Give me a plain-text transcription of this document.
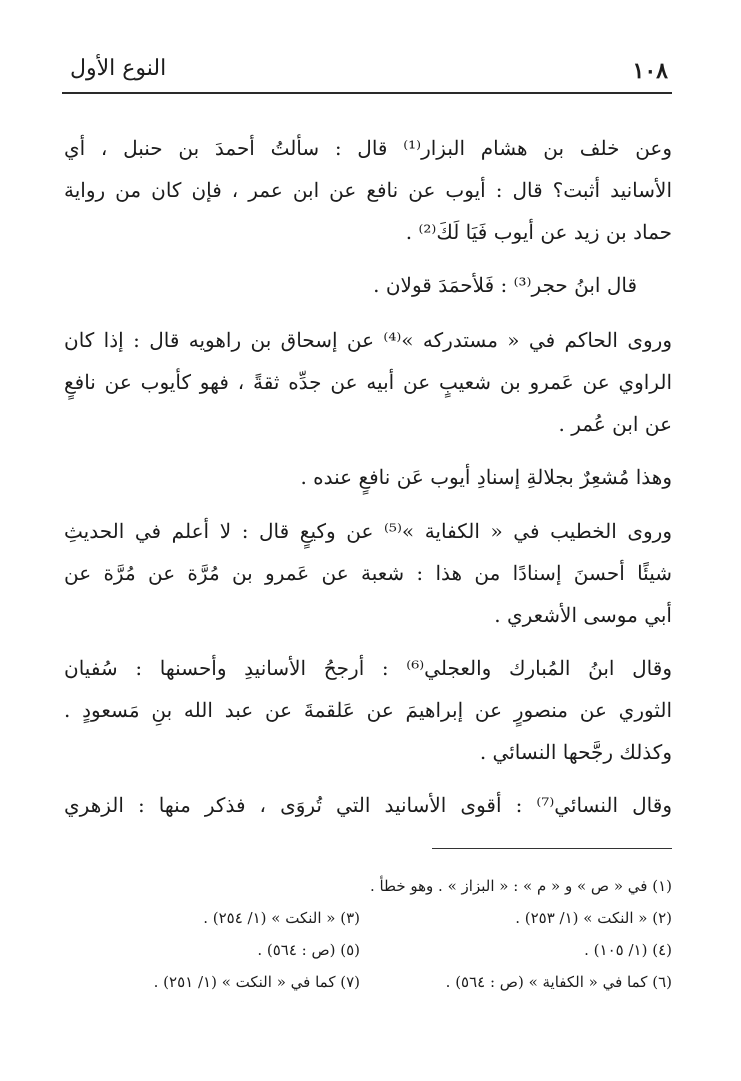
النوع الأول	١٠٨
وعن خلف بن هشام البزار⁽¹⁾ قال : سألتُ أحمدَ بن حنبل ، أي
الأسانيد أثبت؟ قال : أيوب عن نافع عن ابن عمر ، فإن كان من رواية
حماد بن زيد عن أيوب فَيَا لَكَ⁽²⁾ .
قال ابنُ حجر⁽³⁾ : فَلأحمَدَ قولان .
وروى الحاكم في « مستدركه »⁽⁴⁾ عن إسحاق بن راهويه قال : إذا كان
الراوي عن عَمرو بن شعيبٍ عن أبيه عن جدِّه ثقةً ، فهو كأيوب عن نافعٍ
عن ابن عُمر .
وهذا مُشعِرٌ بجلالةِ إسنادِ أيوب عَن نافعٍ عنده .
وروى الخطيب في « الكفاية »⁽⁵⁾ عن وكيعٍ قال : لا أعلم في الحديثِ
شيئًا أحسنَ إسنادًا من هذا : شعبة عن عَمرو بن مُرَّة عن مُرَّة عن
أبي موسى الأشعري .
وقال ابنُ المُبارك والعجلي⁽⁶⁾ : أرجحُ الأسانيدِ وأحسنها : سُفيان
الثوري عن منصورٍ عن إبراهيمَ عن عَلقمةَ عن عبد الله بنِ مَسعودٍ .
وكذلك رجَّحها النسائي .
وقال النسائي⁽⁷⁾ : أقوى الأسانيد التي تُروَى ، فذكر منها : الزهري
(١) في « ص » و « م » : « البزاز » . وهو خطأ .
(٢) « النكت » (١/ ٢٥٣) .
(٣) « النكت » (١/ ٢٥٤) .
(٤) (١/ ١٠٥) .
(٥) (ص : ٥٦٤) .
(٦) كما في « الكفاية » (ص : ٥٦٤) .
(٧) كما في « النكت » (١/ ٢٥١) .
